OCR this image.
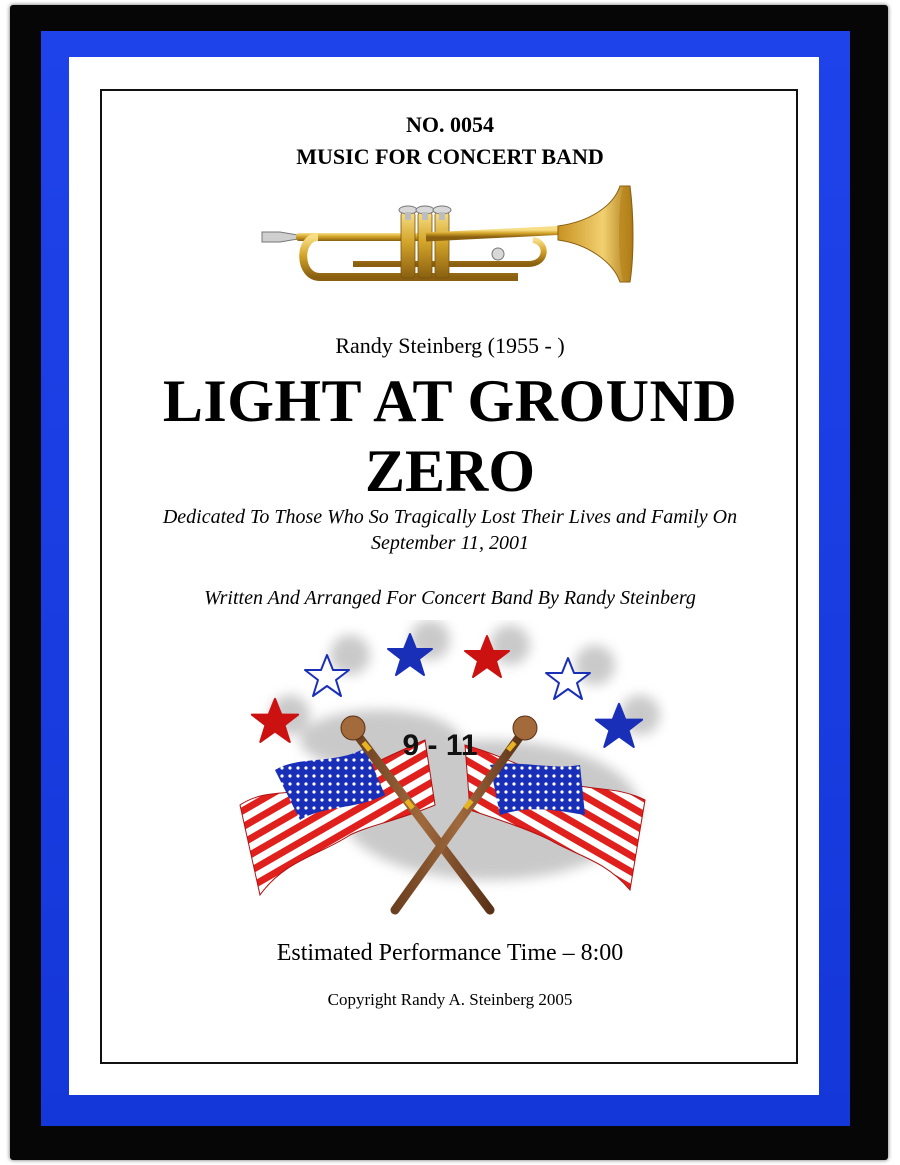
NO. 0054
MUSIC FOR CONCERT BAND
Randy Steinberg (1955 - )
LIGHT AT GROUND
ZERO
Dedicated To Those Who So Tragically Lost Their Lives and Family On
September 11, 2001
Written And Arranged For Concert Band By Randy Steinberg
9 - 11
Estimated Performance Time – 8:00
Copyright Randy A. Steinberg 2005
